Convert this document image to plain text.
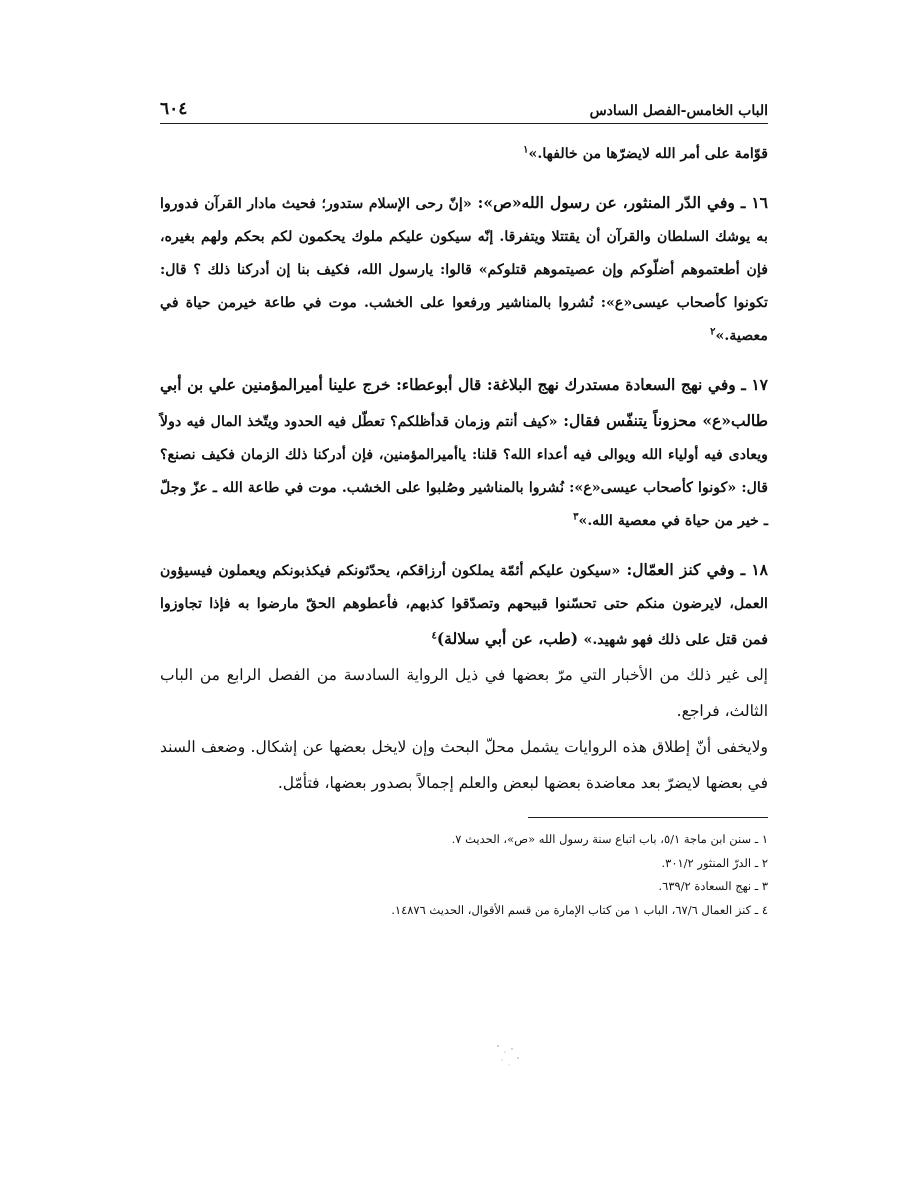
الباب الخامس-الفصل السادس
٦٠٤

قوّامة على أمر الله لايضرّها من خالفها.»$^١$

١٦ ـ وفي الدّر المنثور، عن رسول الله«ص»: «إنّ رحى الإسلام ستدور؛ فحيث مادار القرآن فدوروا به يوشك السلطان والقرآن أن يقتتلا ويتفرقا. إنّه سيكون عليكم ملوك يحكمون لكم بحكم ولهم بغيره، فإن أطعتموهم أضلّوكم وإن عصيتموهم قتلوكم» قالوا: يارسول الله، فكيف بنا إن أدركنا ذلك ؟ قال: تكونوا كأصحاب عيسى«ع»: نُشروا بالمناشير ورفعوا على الخشب. موت في طاعة خيرمن حياة في معصية.»$^٢$

١٧ ـ وفي نهج السعادة مستدرك نهج البلاغة: قال أبوعطاء: خرج علينا أميرالمؤمنين علي بن أبي طالب«ع» محزوناً يتنفّس فقال: «كيف أنتم وزمان قدأظلكم؟ تعطّل فيه الحدود ويتّخذ المال فيه دولاً ويعادى فيه أولياء الله ويوالى فيه أعداء الله؟ قلنا: ياأميرالمؤمنين، فإن أدركنا ذلك الزمان فكيف نصنع؟ قال: «كونوا كأصحاب عيسى«ع»: نُشروا بالمناشير وصُلبوا على الخشب. موت في طاعة الله ـ عزّ وجلّ ـ خير من حياة في معصية الله.»$^٣$

١٨ ـ وفي كنز العمّال: «سيكون عليكم أئمّة يملكون أرزاقكم، يحدّثونكم فيكذبونكم ويعملون فيسيؤون العمل، لايرضون منكم حتى تحسّنوا قبيحهم وتصدّقوا كذبهم، فأعطوهم الحقّ مارضوا به فإذا تجاوزوا فمن قتل على ذلك فهو شهيد.» (طب، عن أبي سلالة)$^٤$

إلى غير ذلك من الأخبار التي مرّ بعضها في ذيل الرواية السادسة من الفصل الرابع من الباب الثالث، فراجع.

ولايخفى أنّ إطلاق هذه الروايات يشمل محلّ البحث وإن لايخل بعضها عن إشكال. وضعف السند في بعضها لايضرّ بعد معاضدة بعضها لبعض والعلم إجمالاً بصدور بعضها، فتأمّل.

١ ـ سنن ابن ماجة ٥/١، باب اتباع سنة رسول الله «ص»، الحديث ٧.
٢ ـ الدرّ المنثور ٣٠١/٢.
٣ ـ نهج السعادة ٦٣٩/٢.
٤ ـ كنز العمال ٦٧/٦، الباب ١ من كتاب الإمارة من قسم الأقوال، الحديث ١٤٨٧٦.
